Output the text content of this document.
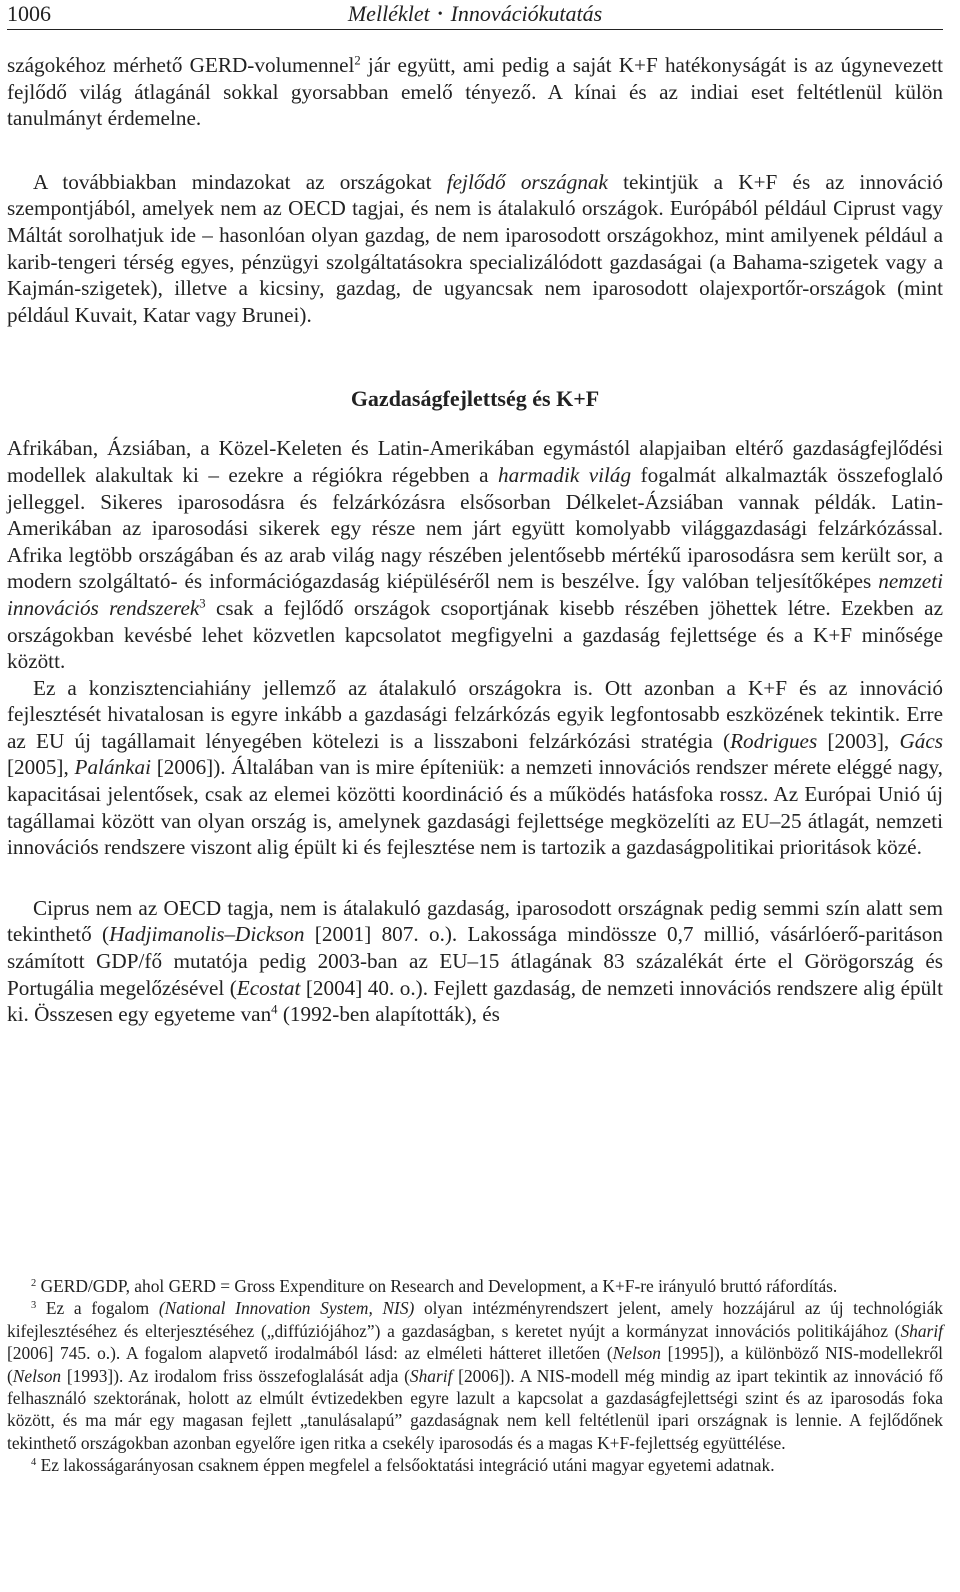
1006	Melléklet • Innovációkutatás

szágokéhoz mérhető GERD-volumennel$^2$ jár együtt, ami pedig a saját K+F hatékonyságát is az úgynevezett fejlődő világ átlagánál sokkal gyorsabban emelő tényező. A kínai és az indiai eset feltétlenül külön tanulmányt érdemelne.

A továbbiakban mindazokat az országokat fejlődő országnak tekintjük a K+F és az innováció szempontjából, amelyek nem az OECD tagjai, és nem is átalakuló országok. Európából például Ciprust vagy Máltát sorolhatjuk ide – hasonlóan olyan gazdag, de nem iparosodott országokhoz, mint amilyenek például a karib-tengeri térség egyes, pénzügyi szolgáltatásokra specializálódott gazdaságai (a Bahama-szigetek vagy a Kajmán-szigetek), illetve a kicsiny, gazdag, de ugyancsak nem iparosodott olajexportőr-országok (mint például Kuvait, Katar vagy Brunei).

Gazdaságfejlettség és K+F

Afrikában, Ázsiában, a Közel-Keleten és Latin-Amerikában egymástól alapjaiban eltérő gazdaságfejlődési modellek alakultak ki – ezekre a régiókra régebben a harmadik világ fogalmát alkalmazták összefoglaló jelleggel. Sikeres iparosodásra és felzárkózásra elsősorban Délkelet-Ázsiában vannak példák. Latin-Amerikában az iparosodási sikerek egy része nem járt együtt komolyabb világgazdasági felzárkózással. Afrika legtöbb országában és az arab világ nagy részében jelentősebb mértékű iparosodásra sem került sor, a modern szolgáltató- és információgazdaság kiépüléséről nem is beszélve. Így valóban teljesítőképes nemzeti innovációs rendszerek$^3$ csak a fejlődő országok csoportjának kisebb részében jöhettek létre. Ezekben az országokban kevésbé lehet közvetlen kapcsolatot megfigyelni a gazdaság fejlettsége és a K+F minősége között.

Ez a konzisztenciahiány jellemző az átalakuló országokra is. Ott azonban a K+F és az innováció fejlesztését hivatalosan is egyre inkább a gazdasági felzárkózás egyik legfontosabb eszközének tekintik. Erre az EU új tagállamait lényegében kötelezi is a lisszaboni felzárkózási stratégia (Rodrigues [2003], Gács [2005], Palánkai [2006]). Általában van is mire építeniük: a nemzeti innovációs rendszer mérete eléggé nagy, kapacitásai jelentősek, csak az elemei közötti koordináció és a működés hatásfoka rossz. Az Európai Unió új tagállamai között van olyan ország is, amelynek gazdasági fejlettsége megközelíti az EU–25 átlagát, nemzeti innovációs rendszere viszont alig épült ki és fejlesztése nem is tartozik a gazdaságpolitikai prioritások közé.

Ciprus nem az OECD tagja, nem is átalakuló gazdaság, iparosodott országnak pedig semmi szín alatt sem tekinthető (Hadjimanolis–Dickson [2001] 807. o.). Lakossága mindössze 0,7 millió, vásárlóerő-paritáson számított GDP/fő mutatója pedig 2003-ban az EU–15 átlagának 83 százalékát érte el Görögország és Portugália megelőzésével (Ecostat [2004] 40. o.). Fejlett gazdaság, de nemzeti innovációs rendszere alig épült ki. Összesen egy egyeteme van$^4$ (1992-ben alapították), és

$^2$ GERD/GDP, ahol GERD = Gross Expenditure on Research and Development, a K+F-re irányuló bruttó ráfordítás.

$^3$ Ez a fogalom (National Innovation System, NIS) olyan intézményrendszert jelent, amely hozzájárul az új technológiák kifejlesztéséhez és elterjesztéséhez („diffúziójához”) a gazdaságban, s keretet nyújt a kormányzat innovációs politikájához (Sharif [2006] 745. o.). A fogalom alapvető irodalmából lásd: az elméleti hátteret illetően (Nelson [1995]), a különböző NIS-modellekről (Nelson [1993]). Az irodalom friss összefoglalását adja (Sharif [2006]). A NIS-modell még mindig az ipart tekintik az innováció fő felhasználó szektorának, holott az elmúlt évtizedekben egyre lazult a kapcsolat a gazdaságfejlettségi szint és az iparosodás foka között, és ma már egy magasan fejlett „tanulásalapú” gazdaságnak nem kell feltétlenül ipari országnak is lennie. A fejlődőnek tekinthető országokban azonban egyelőre igen ritka a csekély iparosodás és a magas K+F-fejlettség együttélése.

$^4$ Ez lakosságarányosan csaknem éppen megfelel a felsőoktatási integráció utáni magyar egyetemi adatnak.
